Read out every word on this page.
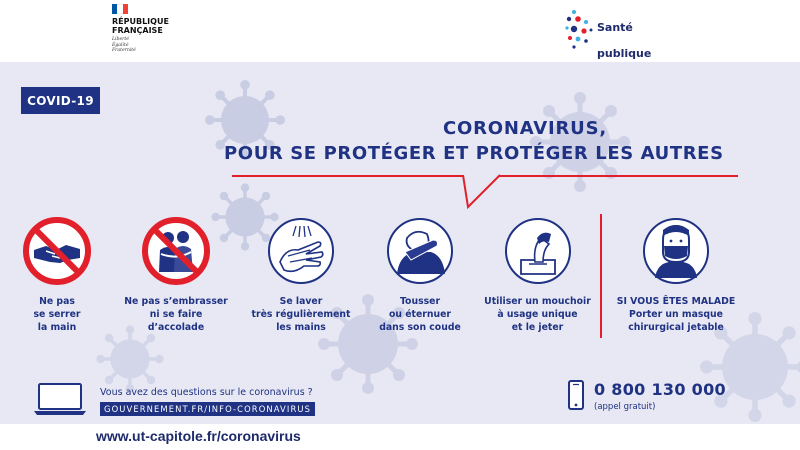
RÉPUBLIQUE
FRANÇAISE
Liberté
Égalité
Fraternité

Santé

publique

COVID-19
CORONAVIRUS,
POUR SE PROTÉGER ET PROTÉGER LES AUTRES
Ne pas
se serrer
la main
Ne pas s’embrasser
ni se faire
d’accolade
Se laver
très régulièrement
les mains
Tousser
ou éternuer
dans son coude
Utiliser un mouchoir
à usage unique
et le jeter
SI VOUS ÊTES MALADE
Porter un masque
chirurgical jetable
Vous avez des questions sur le coronavirus ?
GOUVERNEMENT.FR/INFO-CORONAVIRUS
0 800 130 000
(appel gratuit)
www.ut-capitole.fr/coronavirus
